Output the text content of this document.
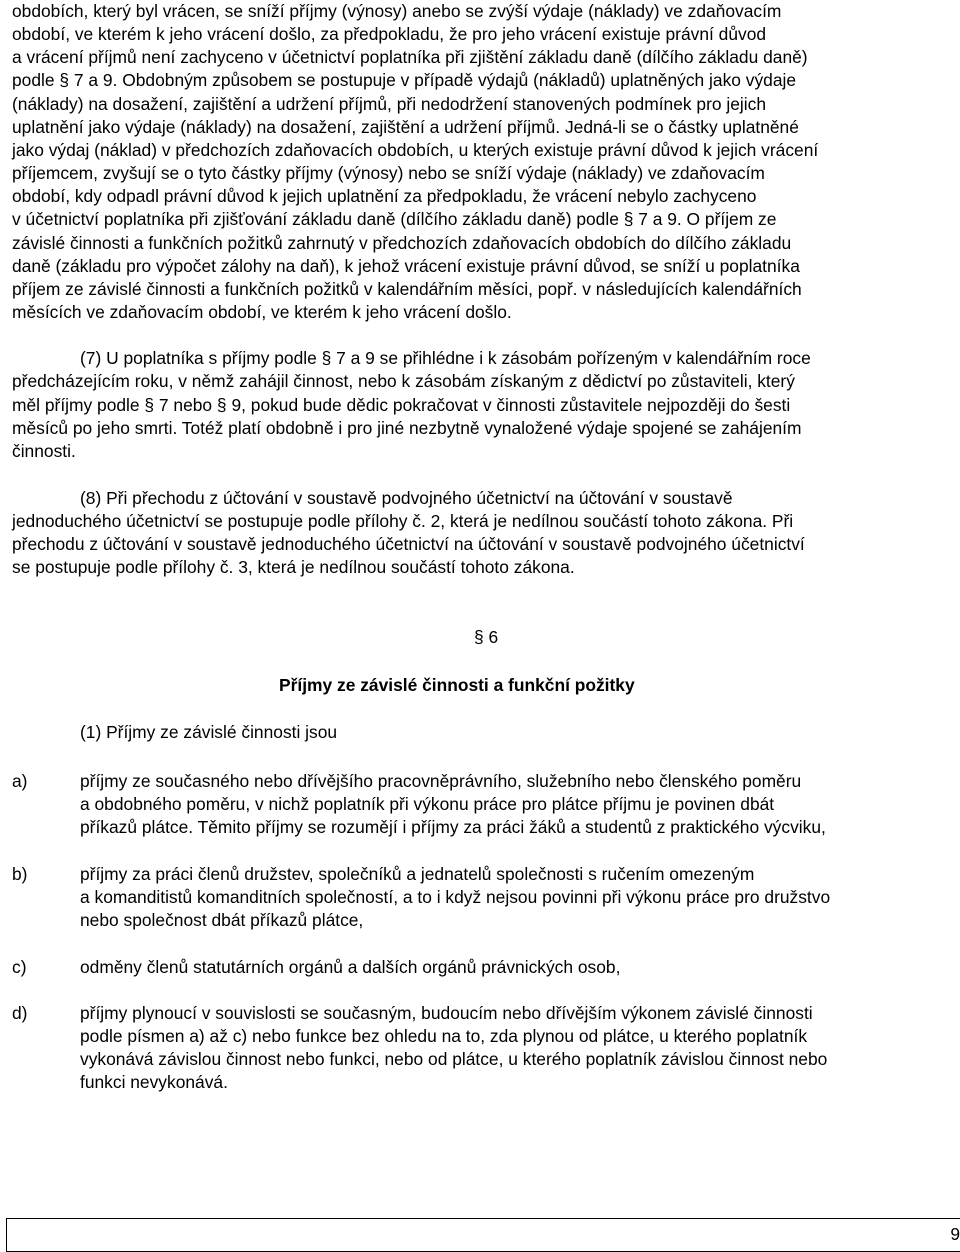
obdobích, který byl vrácen, se sníží příjmy (výnosy) anebo se zvýší výdaje (náklady) ve zdaňovacím

období, ve kterém k jeho vrácení došlo, za předpokladu, že pro jeho vrácení existuje právní důvod

a vrácení příjmů není zachyceno v účetnictví poplatníka při zjištění základu daně (dílčího základu daně)

podle § 7 a 9. Obdobným způsobem se postupuje v případě výdajů (nákladů) uplatněných jako výdaje

(náklady) na dosažení, zajištění a udržení příjmů, při nedodržení stanovených podmínek pro jejich

uplatnění jako výdaje (náklady) na dosažení, zajištění a udržení příjmů. Jedná-li se o částky uplatněné

jako výdaj (náklad) v předchozích zdaňovacích obdobích, u kterých existuje právní důvod k jejich vrácení

příjemcem, zvyšují se o tyto částky příjmy (výnosy) nebo se sníží výdaje (náklady) ve zdaňovacím

období, kdy odpadl právní důvod k jejich uplatnění za předpokladu, že vrácení nebylo zachyceno

v účetnictví poplatníka při zjišťování základu daně (dílčího základu daně) podle § 7 a 9. O příjem ze

závislé činnosti a funkčních požitků zahrnutý v předchozích zdaňovacích obdobích do dílčího základu

daně (základu pro výpočet zálohy na daň), k jehož vrácení existuje právní důvod, se sníží u poplatníka

příjem ze závislé činnosti a funkčních požitků v kalendářním měsíci, popř. v následujících kalendářních

měsících ve zdaňovacím období, ve kterém k jeho vrácení došlo.

(7) U poplatníka s příjmy podle § 7 a 9 se přihlédne i k zásobám pořízeným v kalendářním roce

předcházejícím roku, v němž zahájil činnost, nebo k zásobám získaným z dědictví po zůstaviteli, který

měl příjmy podle § 7 nebo § 9, pokud bude dědic pokračovat v činnosti zůstavitele nejpozději do šesti

měsíců po jeho smrti. Totéž platí obdobně i pro jiné nezbytně vynaložené výdaje spojené se zahájením

činnosti.

(8) Při přechodu z účtování v soustavě podvojného účetnictví na účtování v soustavě

jednoduchého účetnictví se postupuje podle přílohy č. 2, která je nedílnou součástí tohoto zákona. Při

přechodu z účtování v soustavě jednoduchého účetnictví na účtování v soustavě podvojného účetnictví

se postupuje podle přílohy č. 3, která je nedílnou součástí tohoto zákona.

§ 6
Příjmy ze závislé činnosti a funkční požitky
(1) Příjmy ze závislé činnosti jsou
a)	příjmy ze současného nebo dřívějšího pracovněprávního, služebního nebo členského poměru

a obdobného poměru, v nichž poplatník při výkonu práce pro plátce příjmu je povinen dbát

příkazů plátce. Těmito příjmy se rozumějí i příjmy za práci žáků a studentů z praktického výcviku,

b)	příjmy za práci členů družstev, společníků a jednatelů společnosti s ručením omezeným

a komanditistů komanditních společností, a to i když nejsou povinni při výkonu práce pro družstvo

nebo společnost dbát příkazů plátce,

c)	odměny členů statutárních orgánů a dalších orgánů právnických osob,

d)	příjmy plynoucí v souvislosti se současným, budoucím nebo dřívějším výkonem závislé činnosti

podle písmen a) až c) nebo funkce bez ohledu na to, zda plynou od plátce, u kterého poplatník

vykonává závislou činnost nebo funkci, nebo od plátce, u kterého poplatník závislou činnost nebo

funkci nevykonává.

9
